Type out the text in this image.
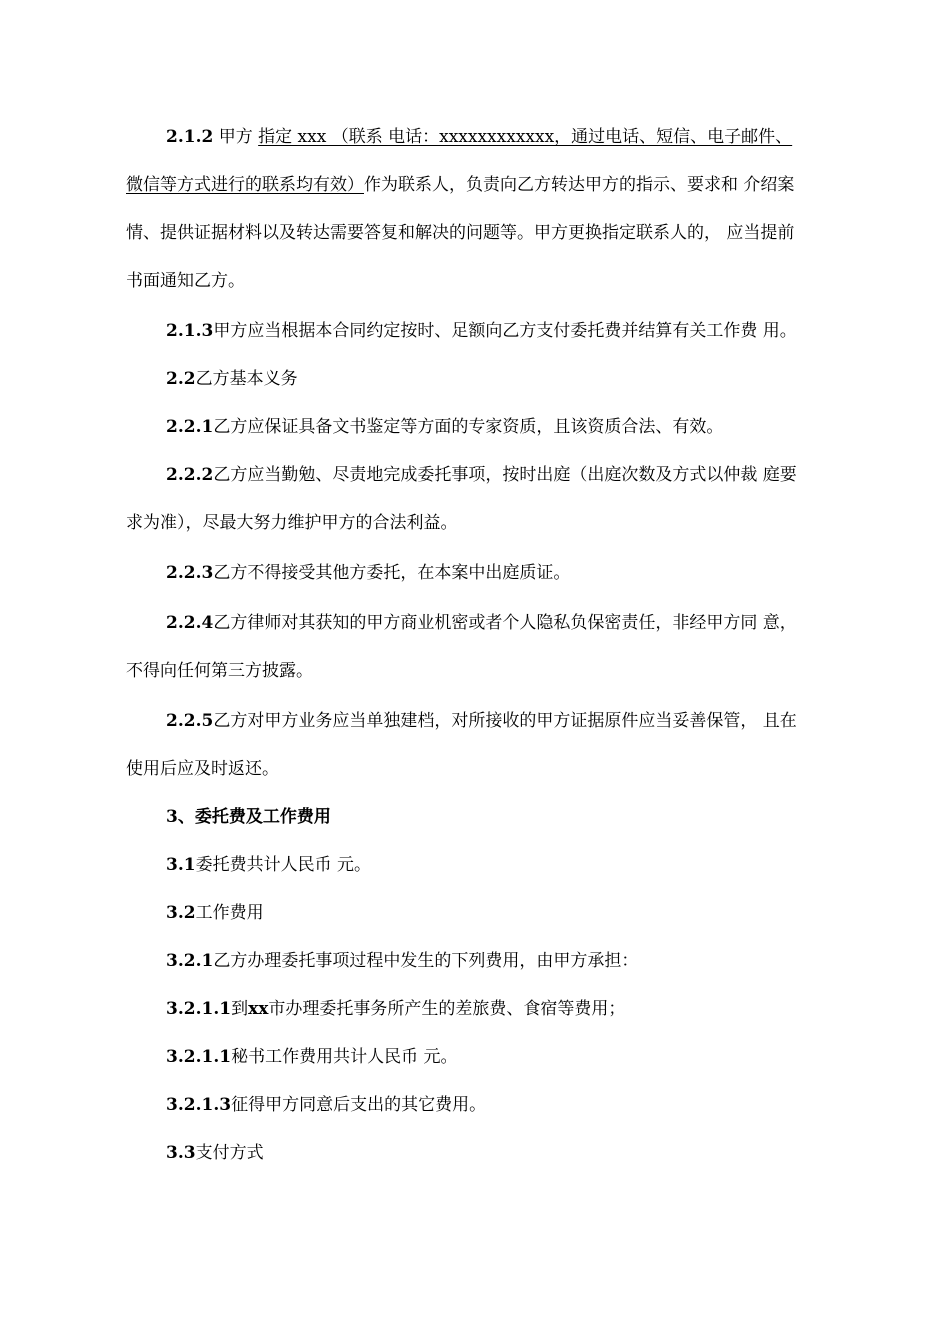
2.1.2 甲方 指定 xxx （联系 电话：xxxxxxxxxxxx，通过电话、短信、电子邮件、
微信等方式进行的联系均有效）作为联系人，负责向乙方转达甲方的指示、要求和 介绍案
情、提供证据材料以及转达需要答复和解决的问题等。甲方更换指定联系人的， 应当提前
书面通知乙方。
2.1.3甲方应当根据本合同约定按时、足额向乙方支付委托费并结算有关工作费 用。
2.2乙方基本义务
2.2.1乙方应保证具备文书鉴定等方面的专家资质，且该资质合法、有效。
2.2.2乙方应当勤勉、尽责地完成委托事项，按时出庭（出庭次数及方式以仲裁 庭要
求为准），尽最大努力维护甲方的合法利益。
2.2.3乙方不得接受其他方委托，在本案中出庭质证。
2.2.4乙方律师对其获知的甲方商业机密或者个人隐私负保密责任，非经甲方同 意，
不得向任何第三方披露。
2.2.5乙方对甲方业务应当单独建档，对所接收的甲方证据原件应当妥善保管， 且在
使用后应及时返还。
3、委托费及工作费用
3.1委托费共计人民币 元。
3.2工作费用
3.2.1乙方办理委托事项过程中发生的下列费用，由甲方承担：
3.2.1.1到xx市办理委托事务所产生的差旅费、食宿等费用；
3.2.1.1秘书工作费用共计人民币 元。
3.2.1.3征得甲方同意后支出的其它费用。
3.3支付方式
